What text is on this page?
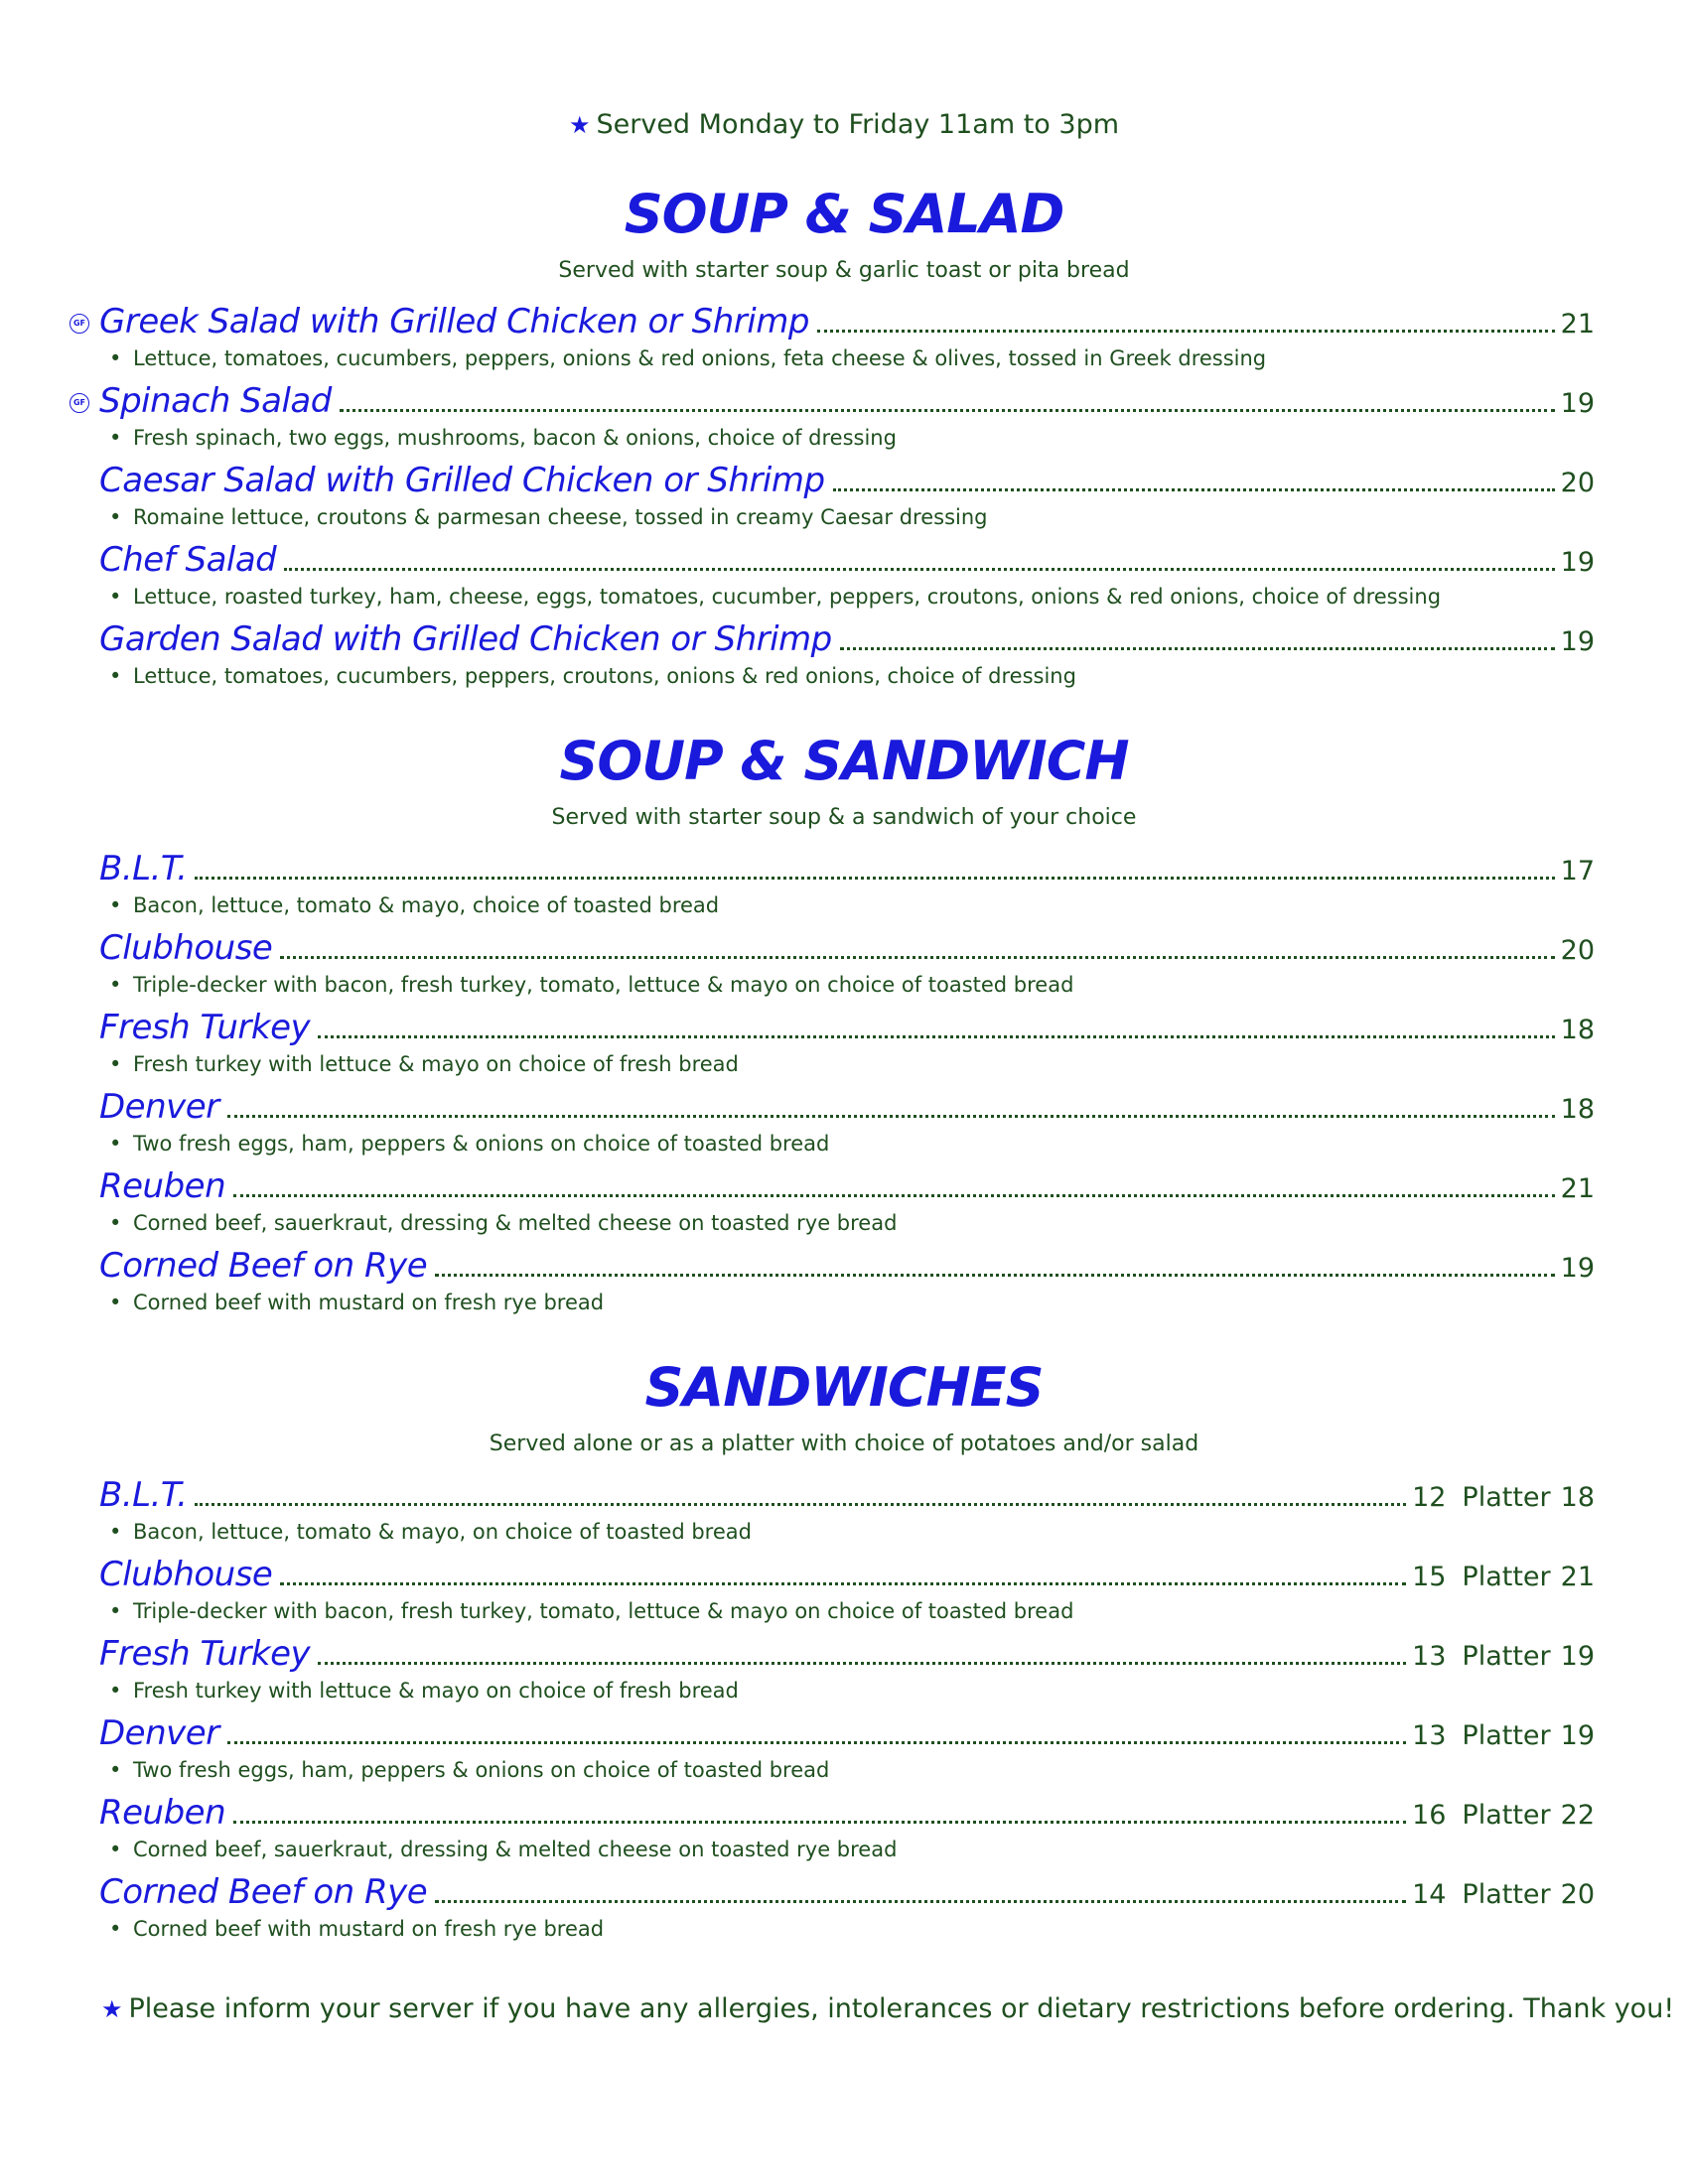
★ Served Monday to Friday 11am to 3pm
SOUP & SALAD
Served with starter soup & garlic toast or pita bread
GF Greek Salad with Grilled Chicken or Shrimp	21
• Lettuce, tomatoes, cucumbers, peppers, onions & red onions, feta cheese & olives, tossed in Greek dressing
GF Spinach Salad	19
• Fresh spinach, two eggs, mushrooms, bacon & onions, choice of dressing
Caesar Salad with Grilled Chicken or Shrimp	20
• Romaine lettuce, croutons & parmesan cheese, tossed in creamy Caesar dressing
Chef Salad	19
• Lettuce, roasted turkey, ham, cheese, eggs, tomatoes, cucumber, peppers, croutons, onions & red onions, choice of dressing
Garden Salad with Grilled Chicken or Shrimp	19
• Lettuce, tomatoes, cucumbers, peppers, croutons, onions & red onions, choice of dressing
SOUP & SANDWICH
Served with starter soup & a sandwich of your choice
B.L.T.	17
• Bacon, lettuce, tomato & mayo, choice of toasted bread
Clubhouse	20
• Triple-decker with bacon, fresh turkey, tomato, lettuce & mayo on choice of toasted bread
Fresh Turkey	18
• Fresh turkey with lettuce & mayo on choice of fresh bread
Denver	18
• Two fresh eggs, ham, peppers & onions on choice of toasted bread
Reuben	21
• Corned beef, sauerkraut, dressing & melted cheese on toasted rye bread
Corned Beef on Rye	19
• Corned beef with mustard on fresh rye bread
SANDWICHES
Served alone or as a platter with choice of potatoes and/or salad
B.L.T.	12 Platter 18
• Bacon, lettuce, tomato & mayo, on choice of toasted bread
Clubhouse	15 Platter 21
• Triple-decker with bacon, fresh turkey, tomato, lettuce & mayo on choice of toasted bread
Fresh Turkey	13 Platter 19
• Fresh turkey with lettuce & mayo on choice of fresh bread
Denver	13 Platter 19
• Two fresh eggs, ham, peppers & onions on choice of toasted bread
Reuben	16 Platter 22
• Corned beef, sauerkraut, dressing & melted cheese on toasted rye bread
Corned Beef on Rye	14 Platter 20
• Corned beef with mustard on fresh rye bread
★ Please inform your server if you have any allergies, intolerances or dietary restrictions before ordering. Thank you!
